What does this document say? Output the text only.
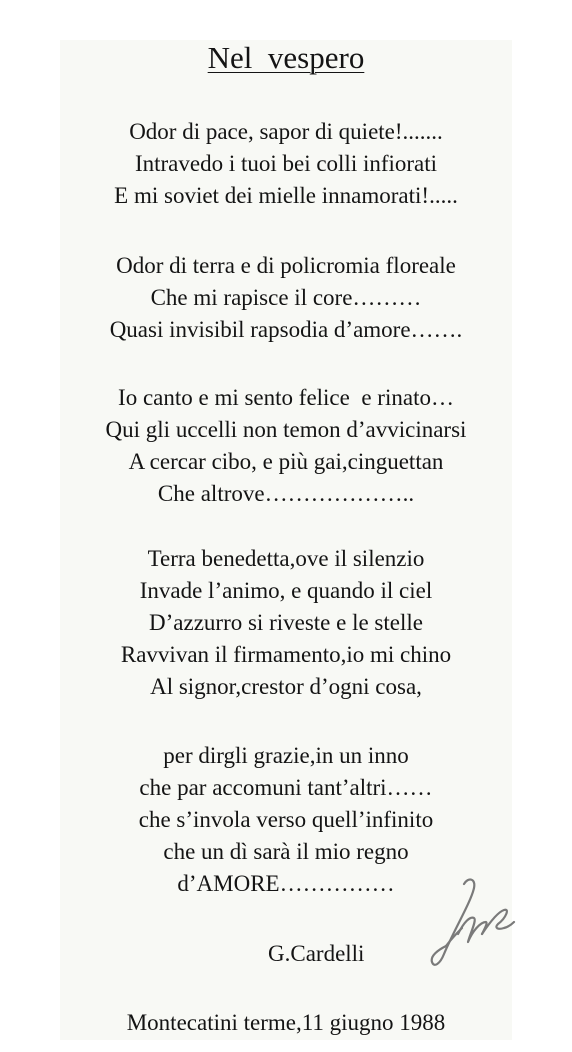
Nel  vespero
Odor di pace, sapor di quiete!.......
Intravedo i tuoi bei colli infiorati
E mi soviet dei mielle innamorati!.....
Odor di terra e di policromia floreale
Che mi rapisce il core………
Quasi invisibil rapsodia d’amore…….
Io canto e mi sento felice  e rinato…
Qui gli uccelli non temon d’avvicinarsi
A cercar cibo, e più gai,cinguettan
Che altrove………………..
Terra benedetta,ove il silenzio
Invade l’animo, e quando il ciel
D’azzurro si riveste e le stelle
Ravvivan il firmamento,io mi chino
Al signor,crestor d’ogni cosa,
per dirgli grazie,in un inno
che par accomuni tant’altri……
che s’invola verso quell’infinito
che un dì sarà il mio regno
d’AMORE……………
G.Cardelli
Montecatini terme,11 giugno 1988
